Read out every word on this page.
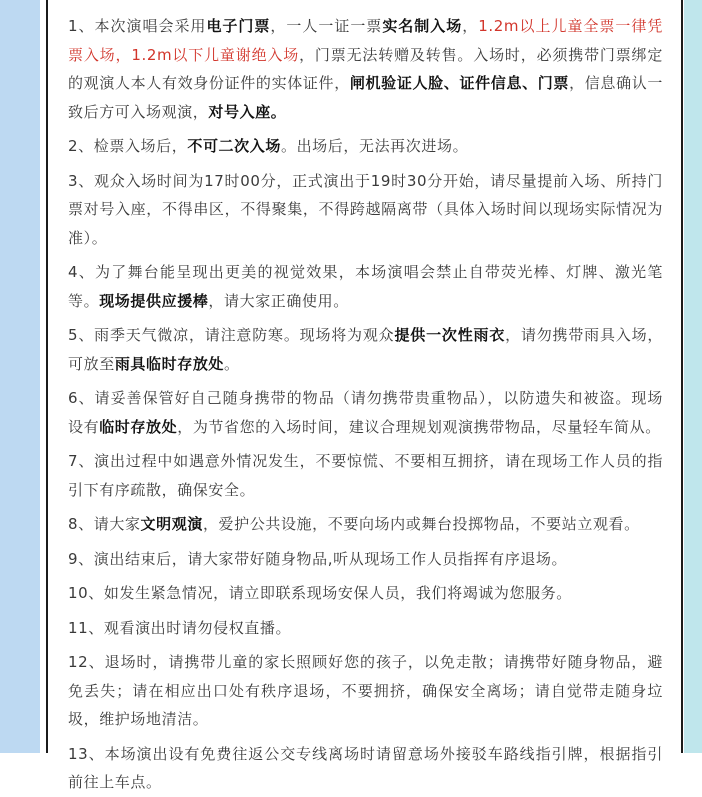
1、本次演唱会采用电子门票，一人一证一票实名制入场，1.2m以上儿童全票一律凭票入场，1.2m以下儿童谢绝入场，门票无法转赠及转售。入场时，必须携带门票绑定的观演人本人有效身份证件的实体证件，闸机验证人脸、证件信息、门票，信息确认一致后方可入场观演，对号入座。

2、检票入场后，不可二次入场。出场后，无法再次进场。

3、观众入场时间为17时00分，正式演出于19时30分开始，请尽量提前入场、所持门票对号入座，不得串区，不得聚集，不得跨越隔离带（具体入场时间以现场实际情况为准）。

4、为了舞台能呈现出更美的视觉效果，本场演唱会禁止自带荧光棒、灯牌、激光笔等。现场提供应援棒，请大家正确使用。

5、雨季天气微凉，请注意防寒。现场将为观众提供一次性雨衣，请勿携带雨具入场，可放至雨具临时存放处。

6、请妥善保管好自己随身携带的物品（请勿携带贵重物品），以防遗失和被盗。现场设有临时存放处，为节省您的入场时间，建议合理规划观演携带物品，尽量轻车简从。

7、演出过程中如遇意外情况发生，不要惊慌、不要相互拥挤，请在现场工作人员的指引下有序疏散，确保安全。

8、请大家文明观演，爱护公共设施，不要向场内或舞台投掷物品，不要站立观看。

9、演出结束后，请大家带好随身物品,听从现场工作人员指挥有序退场。

10、如发生紧急情况，请立即联系现场安保人员，我们将竭诚为您服务。

11、观看演出时请勿侵权直播。

12、退场时，请携带儿童的家长照顾好您的孩子，以免走散；请携带好随身物品，避免丢失；请在相应出口处有秩序退场，不要拥挤，确保安全离场；请自觉带走随身垃圾，维护场地清洁。

13、本场演出设有免费往返公交专线离场时请留意场外接驳车路线指引牌，根据指引前往上车点。
